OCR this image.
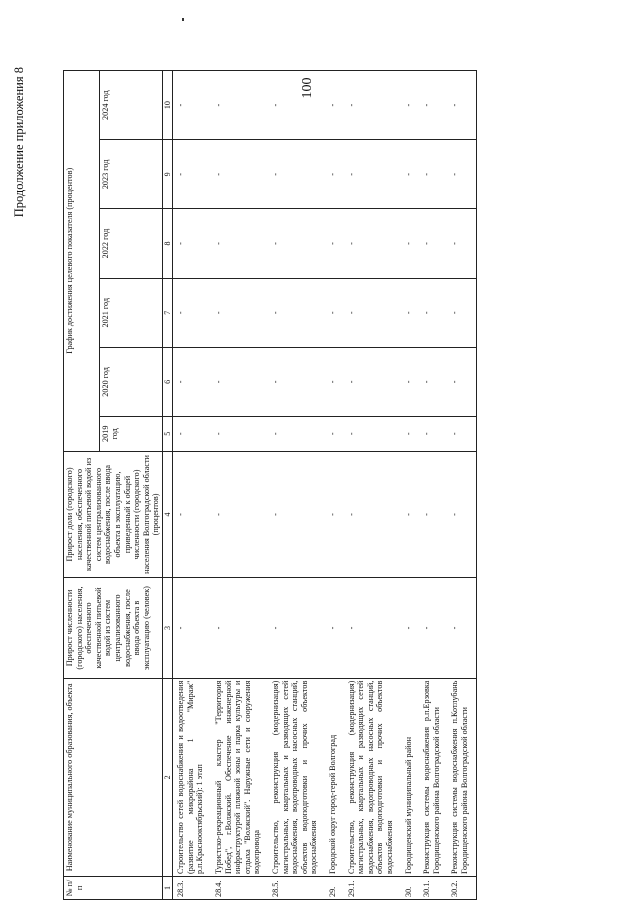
100
Продолжение приложения 8
№ п/п	Наименование муниципального образования, объекта	Прирост численности (городского) населения, обеспеченного качественной питьевой водой из систем централизованного водоснабжения, после ввода объекта в эксплуатацию (человек)	Прирост доли (городского) населения, обеспеченного качественной питьевой водой из систем централизованного водоснабжения, после ввода объекта в эксплуатацию, приведенный к общей численности (городского) населения Волгоградской области (процентов)	График достижения целевого показателя (процентов)					
				2019 год	2020 год	2021 год	2022 год	2023 год	2024 год
1	2	3	4	5	6	7	8	9	10
28.3.	Строительство сетей водоснабжения и водоотведения (развитие микрорайона 1 "Мираж" р.п.Краснооктябрьский): 1 этап	-	-	-	-	-	-	-	-
28.4.	Туристско-рекреационный кластер "Территория Побед", г.Волжский. Обеспечение инженерной инфраструктурой пляжной зоны и парка культуры и отдыха "Волжский". Наружные сети и сооружения водопровода	-	-	-	-	-	-	-	-
28.5.	Строительство, реконструкция (модернизация) магистральных, квартальных и разводящих сетей водоснабжения, водопроводных насосных станций, объектов водоподготовки и прочих объектов водоснабжения	-	-	-	-	-	-	-	-
29.	Городской округ город-герой Волгоград	-	-	-	-	-	-	-	-
29.1.	Строительство, реконструкция (модернизация) магистральных, квартальных и разводящих сетей водоснабжения, водопроводных насосных станций, объектов водоподготовки и прочих объектов водоснабжения	-	-	-	-	-	-	-	-
30.	Городищенский муниципальный район	-	-	-	-	-	-	-	-
30.1.	Реконструкция системы водоснабжения р.п.Ерзовка Городищенского района Волгоградской области	-	-	-	-	-	-	-	-
30.2.	Реконструкция системы водоснабжения п.Котлубань Городищенского района Волгоградской области	-	-	-	-	-	-	-	-
